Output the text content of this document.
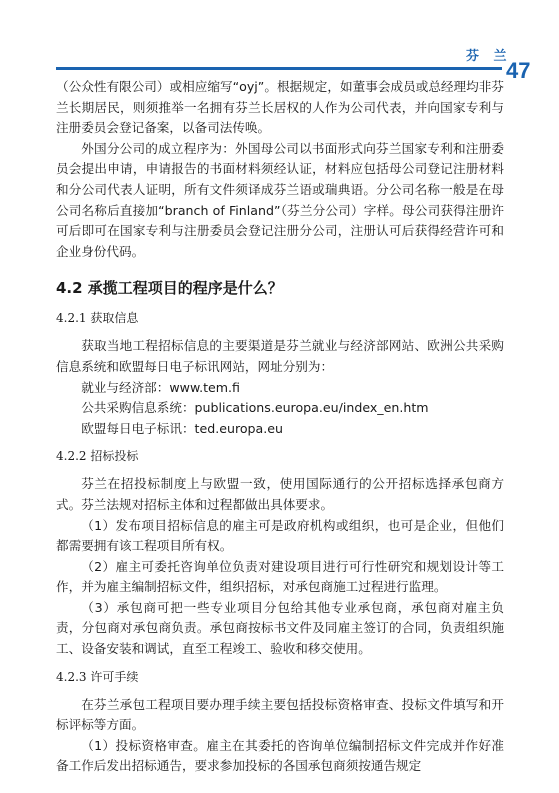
芬 兰
47

（公众性有限公司）或相应缩写“oyj”。根据规定，如董事会成员或总经理均非芬兰长期居民，则须推举一名拥有芬兰长居权的人作为公司代表，并向国家专利与注册委员会登记备案，以备司法传唤。

外国分公司的成立程序为：外国母公司以书面形式向芬兰国家专利和注册委员会提出申请，申请报告的书面材料须经认证，材料应包括母公司登记注册材料和分公司代表人证明，所有文件须译成芬兰语或瑞典语。分公司名称一般是在母公司名称后直接加“branch of Finland”（芬兰分公司）字样。母公司获得注册许可后即可在国家专利与注册委员会登记注册分公司，注册认可后获得经营许可和企业身份代码。

4.2 承揽工程项目的程序是什么？
4.2.1 获取信息

获取当地工程招标信息的主要渠道是芬兰就业与经济部网站、欧洲公共采购信息系统和欧盟每日电子标讯网站，网址分别为：

就业与经济部：www.tem.fi
公共采购信息系统：publications.europa.eu/index_en.htm
欧盟每日电子标讯：ted.europa.eu
4.2.2 招标投标

芬兰在招投标制度上与欧盟一致，使用国际通行的公开招标选择承包商方式。芬兰法规对招标主体和过程都做出具体要求。

（1）发布项目招标信息的雇主可是政府机构或组织，也可是企业，但他们都需要拥有该工程项目所有权。

（2）雇主可委托咨询单位负责对建设项目进行可行性研究和规划设计等工作，并为雇主编制招标文件，组织招标，对承包商施工过程进行监理。

（3）承包商可把一些专业项目分包给其他专业承包商，承包商对雇主负责，分包商对承包商负责。承包商按标书文件及同雇主签订的合同，负责组织施工、设备安装和调试，直至工程竣工、验收和移交使用。

4.2.3 许可手续

在芬兰承包工程项目要办理手续主要包括投标资格审查、投标文件填写和开标评标等方面。

（1）投标资格审查。雇主在其委托的咨询单位编制招标文件完成并作好准备工作后发出招标通告，要求参加投标的各国承包商须按通告规定
